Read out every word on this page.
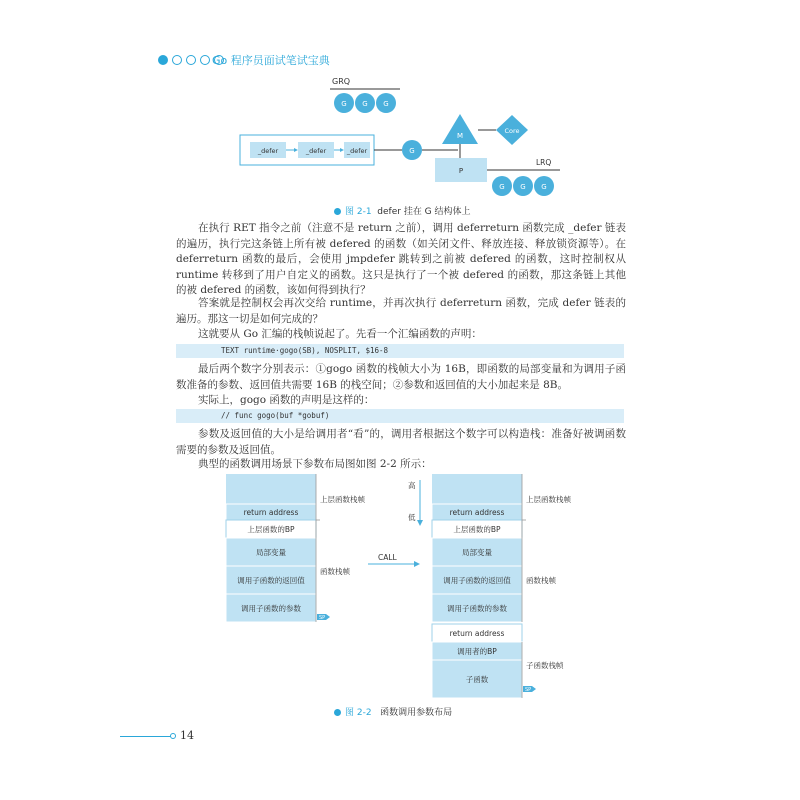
Go 程序员面试笔试宝典
GRQ
G G G
_defer	_defer	_defer	G
M
Core
P
LRQ
G G G
图 2-1 defer 挂在 G 结构体上
在执行 RET 指令之前（注意不是 return 之前），调用 deferreturn 函数完成 _defer 链表的遍历，执行完这条链上所有被 defered 的函数（如关闭文件、释放连接、释放锁资源等）。在 deferreturn 函数的最后，会使用 jmpdefer 跳转到之前被 defered 的函数，这时控制权从 runtime 转移到了用户自定义的函数。这只是执行了一个被 defered 的函数，那这条链上其他的被 defered 的函数，该如何得到执行？
答案就是控制权会再次交给 runtime，并再次执行 deferreturn 函数，完成 defer 链表的遍历。那这一切是如何完成的？
这就要从 Go 汇编的栈帧说起了。先看一个汇编函数的声明：
TEXT runtime·gogo(SB), NOSPLIT, $16-8
最后两个数字分别表示：①gogo 函数的栈帧大小为 16B，即函数的局部变量和为调用子函数准备的参数、返回值共需要 16B 的栈空间；②参数和返回值的大小加起来是 8B。
实际上，gogo 函数的声明是这样的：
// func gogo(buf *gobuf)
参数及返回值的大小是给调用者“看”的，调用者根据这个数字可以构造栈：准备好被调函数需要的参数及返回值。
典型的函数调用场景下参数布局图如图 2-2 所示：
return address
上层函数的BP
局部变量
调用子函数的返回值
调用子函数的参数
上层函数栈帧
函数栈帧
SP
高
低
CALL
return address
上层函数的BP
局部变量
调用子函数的返回值
调用子函数的参数
return address
调用者的BP
子函数
上层函数栈帧
函数栈帧
子函数栈帧
SP
图 2-2 函数调用参数布局
14
